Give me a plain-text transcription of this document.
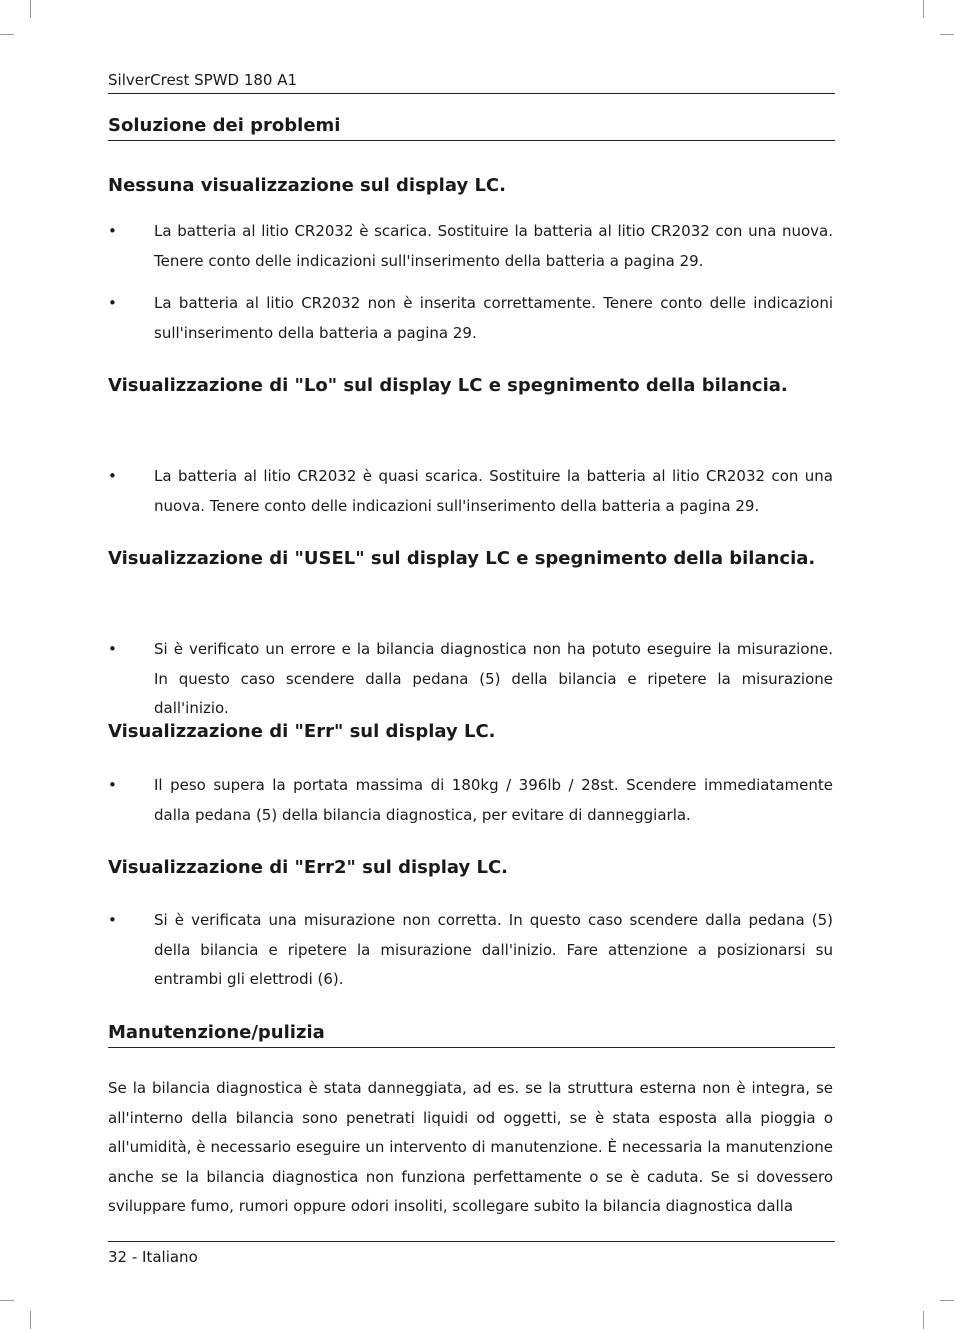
SilverCrest SPWD 180 A1
Soluzione dei problemi
Nessuna visualizzazione sul display LC.
•	La batteria al litio CR2032 è scarica. Sostituire la batteria al litio CR2032 con una nuova. Tenere conto delle indicazioni sull'inserimento della batteria a pagina 29.
•	La batteria al litio CR2032 non è inserita correttamente. Tenere conto delle indicazioni sull'inserimento della batteria a pagina 29.
Visualizzazione di "Lo" sul display LC e spegnimento della bilancia.
•	La batteria al litio CR2032 è quasi scarica. Sostituire la batteria al litio CR2032 con una nuova. Tenere conto delle indicazioni sull'inserimento della batteria a pagina 29.
Visualizzazione di "USEL" sul display LC e spegnimento della bilancia.
•	Si è verificato un errore e la bilancia diagnostica non ha potuto eseguire la misurazione. In questo caso scendere dalla pedana (5) della bilancia e ripetere la misurazione dall'inizio.
Visualizzazione di "Err" sul display LC.
•	Il peso supera la portata massima di 180kg / 396lb / 28st. Scendere immediatamente dalla pedana (5) della bilancia diagnostica, per evitare di danneggiarla.
Visualizzazione di "Err2" sul display LC.
•	Si è verificata una misurazione non corretta. In questo caso scendere dalla pedana (5) della bilancia e ripetere la misurazione dall'inizio. Fare attenzione a posizionarsi su entrambi gli elettrodi (6).
Manutenzione/pulizia
Se la bilancia diagnostica è stata danneggiata, ad es. se la struttura esterna non è integra, se all'interno della bilancia sono penetrati liquidi od oggetti, se è stata esposta alla pioggia o all'umidità, è necessario eseguire un intervento di manutenzione. È necessaria la manutenzione anche se la bilancia diagnostica non funziona perfettamente o se è caduta. Se si dovessero sviluppare fumo, rumori oppure odori insoliti, scollegare subito la bilancia diagnostica dalla
32 - Italiano
